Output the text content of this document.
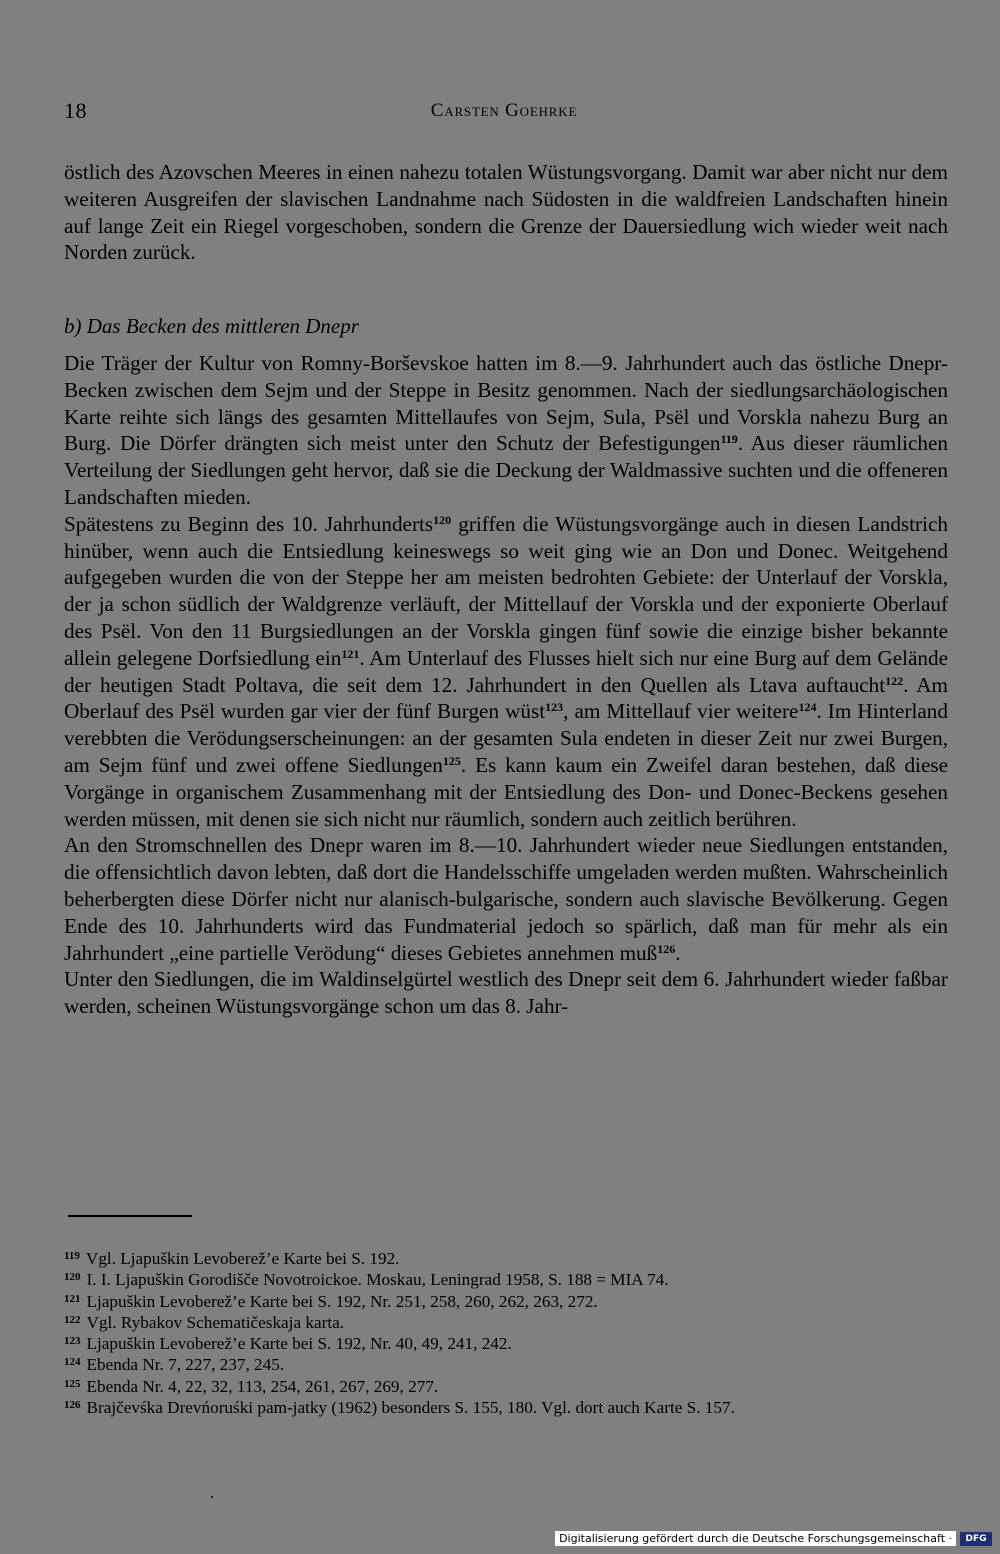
18	Carsten Goehrke

östlich des Azovschen Meeres in einen nahezu totalen Wüstungsvorgang. Damit war aber nicht nur dem weiteren Ausgreifen der slavischen Landnahme nach Südosten in die waldfreien Landschaften hinein auf lange Zeit ein Riegel vorgeschoben, sondern die Grenze der Dauersiedlung wich wieder weit nach Norden zurück.

b) Das Becken des mittleren Dnepr

Die Träger der Kultur von Romny-Borševskoe hatten im 8.—9. Jahrhundert auch das östliche Dnepr-Becken zwischen dem Sejm und der Steppe in Besitz genommen. Nach der siedlungsarchäologischen Karte reihte sich längs des gesamten Mittellaufes von Sejm, Sula, Psël und Vorskla nahezu Burg an Burg. Die Dörfer drängten sich meist unter den Schutz der Befestigungen$^{119}$. Aus dieser räumlichen Verteilung der Siedlungen geht hervor, daß sie die Deckung der Waldmassive suchten und die offeneren Landschaften mieden.

Spätestens zu Beginn des 10. Jahrhunderts$^{120}$ griffen die Wüstungsvorgänge auch in diesen Landstrich hinüber, wenn auch die Entsiedlung keineswegs so weit ging wie an Don und Donec. Weitgehend aufgegeben wurden die von der Steppe her am meisten bedrohten Gebiete: der Unterlauf der Vorskla, der ja schon südlich der Waldgrenze verläuft, der Mittellauf der Vorskla und der exponierte Oberlauf des Psël. Von den 11 Burgsiedlungen an der Vorskla gingen fünf sowie die einzige bisher bekannte allein gelegene Dorfsiedlung ein$^{121}$. Am Unterlauf des Flusses hielt sich nur eine Burg auf dem Gelände der heutigen Stadt Poltava, die seit dem 12. Jahrhundert in den Quellen als Ltava auftaucht$^{122}$. Am Oberlauf des Psël wurden gar vier der fünf Burgen wüst$^{123}$, am Mittellauf vier weitere$^{124}$. Im Hinterland verebbten die Verödungserscheinungen: an der gesamten Sula endeten in dieser Zeit nur zwei Burgen, am Sejm fünf und zwei offene Siedlungen$^{125}$. Es kann kaum ein Zweifel daran bestehen, daß diese Vorgänge in organischem Zusammenhang mit der Entsiedlung des Don- und Donec-Beckens gesehen werden müssen, mit denen sie sich nicht nur räumlich, sondern auch zeitlich berühren.

An den Stromschnellen des Dnepr waren im 8.—10. Jahrhundert wieder neue Siedlungen entstanden, die offensichtlich davon lebten, daß dort die Handelsschiffe umgeladen werden mußten. Wahrscheinlich beherbergten diese Dörfer nicht nur alanisch-bulgarische, sondern auch slavische Bevölkerung. Gegen Ende des 10. Jahrhunderts wird das Fundmaterial jedoch so spärlich, daß man für mehr als ein Jahrhundert „eine partielle Verödung“ dieses Gebietes annehmen muß$^{126}$.

Unter den Siedlungen, die im Waldinselgürtel westlich des Dnepr seit dem 6. Jahrhundert wieder faßbar werden, scheinen Wüstungsvorgänge schon um das 8. Jahr-

$^{119}$ Vgl. Ljapuškin Levoberež’e Karte bei S. 192.

$^{120}$ I. I. Ljapuškin Gorodišče Novotroickoe. Moskau, Leningrad 1958, S. 188 = MIA 74.

$^{121}$ Ljapuškin Levoberež’e Karte bei S. 192, Nr. 251, 258, 260, 262, 263, 272.

$^{122}$ Vgl. Rybakov Schematičeskaja karta.

$^{123}$ Ljapuškin Levoberež’e Karte bei S. 192, Nr. 40, 49, 241, 242.

$^{124}$ Ebenda Nr. 7, 227, 237, 245.

$^{125}$ Ebenda Nr. 4, 22, 32, 113, 254, 261, 267, 269, 277.

$^{126}$ Brajčevśka Drevńoruśki pam-jatky (1962) besonders S. 155, 180. Vgl. dort auch Karte S. 157.

Digitalisierung gefördert durch die Deutsche Forschungsgemeinschaft ·	DFG
